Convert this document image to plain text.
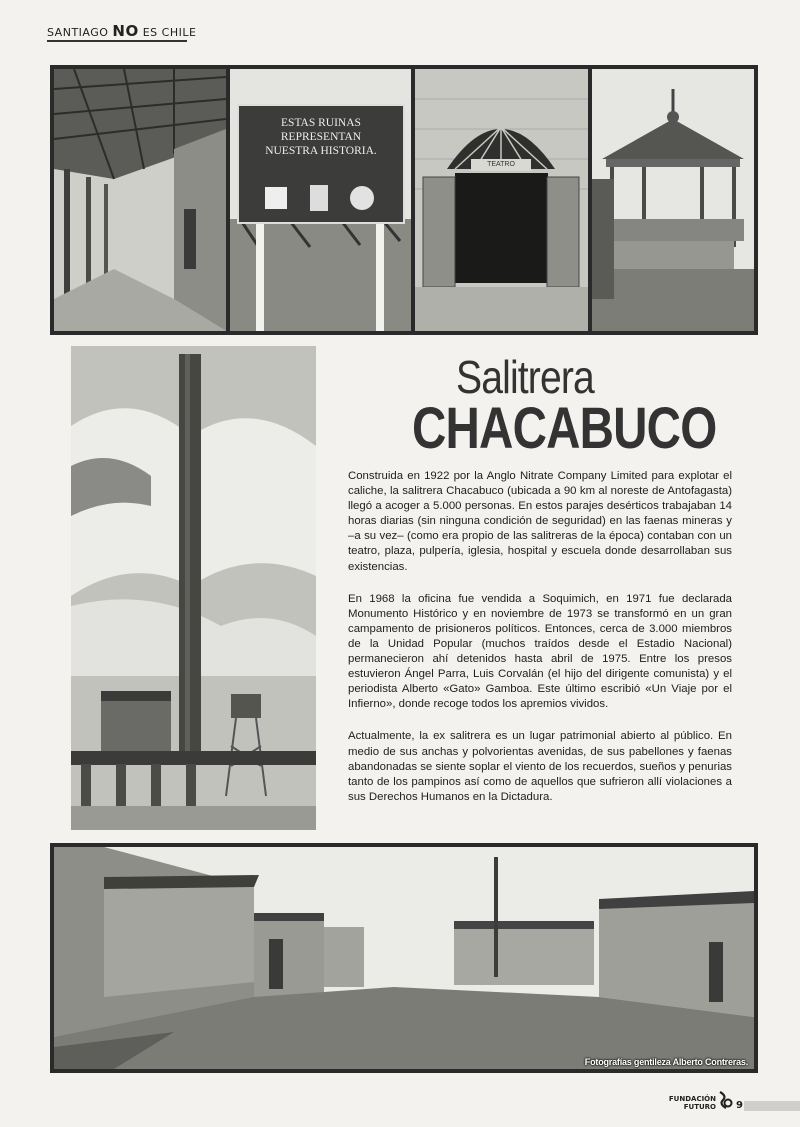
SANTIAGO NO ES CHILE
ESTAS RUINAS
REPRESENTAN
NUESTRA HISTORIA.
TEATRO
Salitrera
CHACABUCO

Construida en 1922 por la Anglo Nitrate Company Limited para explotar el caliche, la salitrera Chacabuco (ubicada a 90 km al noreste de Antofagasta) llegó a acoger a 5.000 personas. En estos parajes desérticos trabajaban 14 horas diarias (sin ninguna condición de seguridad) en las faenas mineras y –a su vez– (como era propio de las salitreras de la época) contaban con un teatro, plaza, pulpería, iglesia, hospital y escuela donde desarrollaban sus existencias.

En 1968 la oficina fue vendida a Soquimich, en 1971 fue declarada Monumento Histórico y en noviembre de 1973 se transformó en un gran campamento de prisioneros políticos. Entonces, cerca de 3.000 miembros de la Unidad Popular (muchos traídos desde el Estadio Nacional) permanecieron ahí detenidos hasta abril de 1975. Entre los presos estuvieron Ángel Parra, Luis Corvalán (el hijo del dirigente comunista) y el periodista Alberto «Gato» Gamboa. Este último escribió «Un Viaje por el Infierno», donde recoge todos los apremios vividos.

Actualmente, la ex salitrera es un lugar patrimonial abierto al público. En medio de sus anchas y polvorientas avenidas, de sus pabellones y faenas abandonadas se siente soplar el viento de los recuerdos, sueños y penurias tanto de los pampinos así como de aquellos que sufrieron allí violaciones a sus Derechos Humanos en la Dictadura.

Fotografías gentileza Alberto Contreras.
FUNDACIÓN
FUTURO 9
